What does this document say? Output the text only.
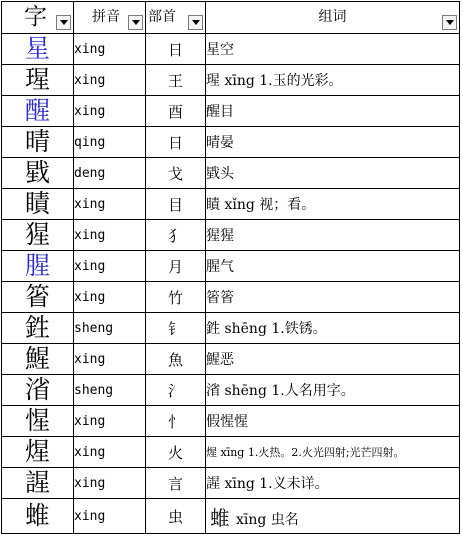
字	拼音	部首	组词

星	xing	日	星空
瑆	xing	王	瑆 xīng 1.玉的光彩。
醒	xing	酉	醒目
晴	qing	日	晴晏
戥	deng	戈	戥头
瞔	xing	目	瞔 xǐng 视；看。
猩	xing	犭	猩猩
腥	xing	月	腥气
箵	xing	竹	箵箵
鉎	sheng	钅	鉎 shēng 1.铁锈。
鯹	xing	魚	鯹恶
渻	sheng	氵	渻 shēng 1.人名用字。
惺	xing	忄	假惺惺
煋	xing	火	煋 xīng 1.火热。2.火光四射;光芒四射。
謃	xing	言	謃 xīng 1.义未详。
蜼	xing	虫	蜼 xīng 虫名
